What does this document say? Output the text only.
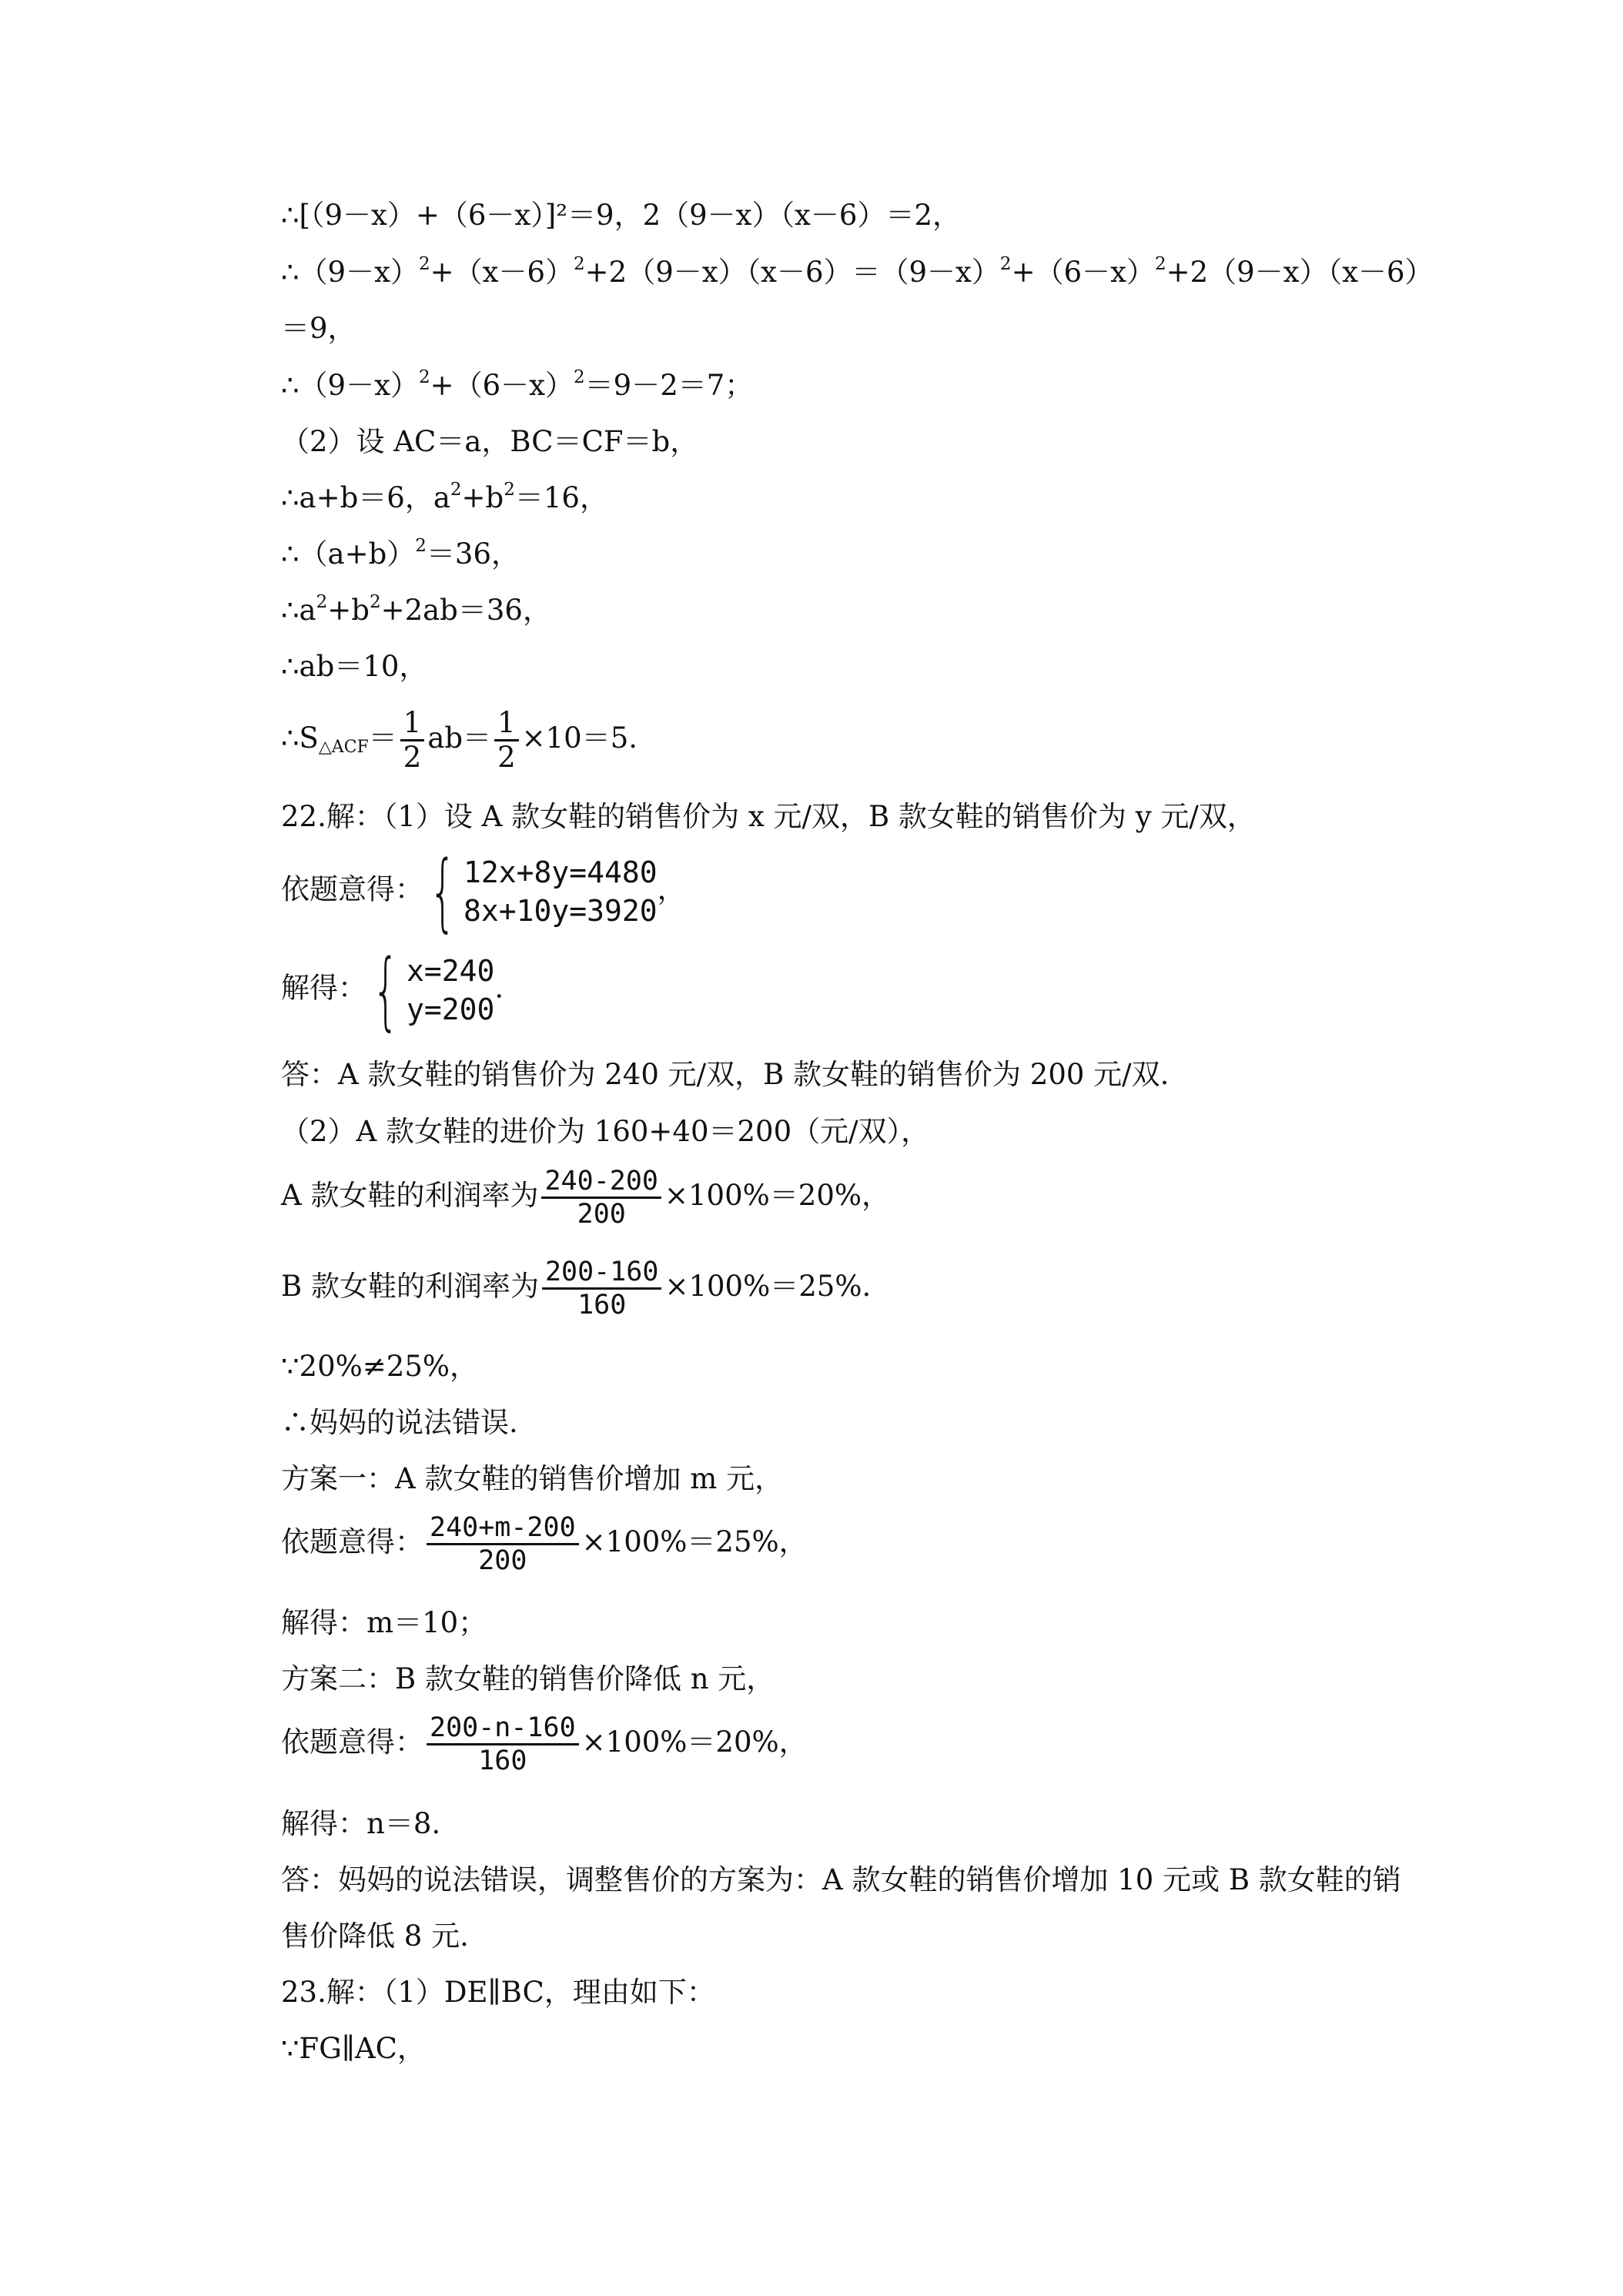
∴[（9－x）+（6－x）]²＝9，2（9－x）（x－6）＝2，
$\therefore(9-x)^2+(x-6)^2+2(9-x)(x-6)=(9-x)^2+(6-x)^2+2(9-x)(x-6)$
＝9，
$\therefore(9-x)^2+(6-x)^2=9-2=7$；
（2）设 AC＝a，BC＝CF＝b，
∴a+b＝6，$a^2+b^2=16$，
$\therefore(a+b)^2=36$，
$\therefore a^2+b^2+2ab=36$，
∴ab＝10，
$\therefore S_{\triangle ACF}= \frac{1}{2} ab= \frac{1}{2} \times 10=5$.
22.解：（1）设 A 款女鞋的销售价为 x 元/双，B 款女鞋的销售价为 y 元/双，
依题意得： { 12x+8y=4480
8x+10y=3920
，
解得： { x=240
y=200
.
答：A 款女鞋的销售价为 240 元/双，B 款女鞋的销售价为 200 元/双.
（2）A 款女鞋的进价为 160+40＝200（元/双），
A 款女鞋的利润率为 $\frac{240-200}{200} \times 100\%=20\%$，
B 款女鞋的利润率为 $\frac{200-160}{160} \times 100\%=25\%$.
∵20%≠25%，
∴妈妈的说法错误.
方案一：A 款女鞋的销售价增加 m 元，
依题意得： $\frac{240+m-200}{200} \times 100\%=25\%$，
解得：m＝10；
方案二：B 款女鞋的销售价降低 n 元，
依题意得： $\frac{200-n-160}{160} \times 100\%=20\%$，
解得：n＝8.
答：妈妈的说法错误，调整售价的方案为：A 款女鞋的销售价增加 10 元或 B 款女鞋的销
售价降低 8 元.
23.解：（1）DE∥BC，理由如下：
∵FG∥AC，
